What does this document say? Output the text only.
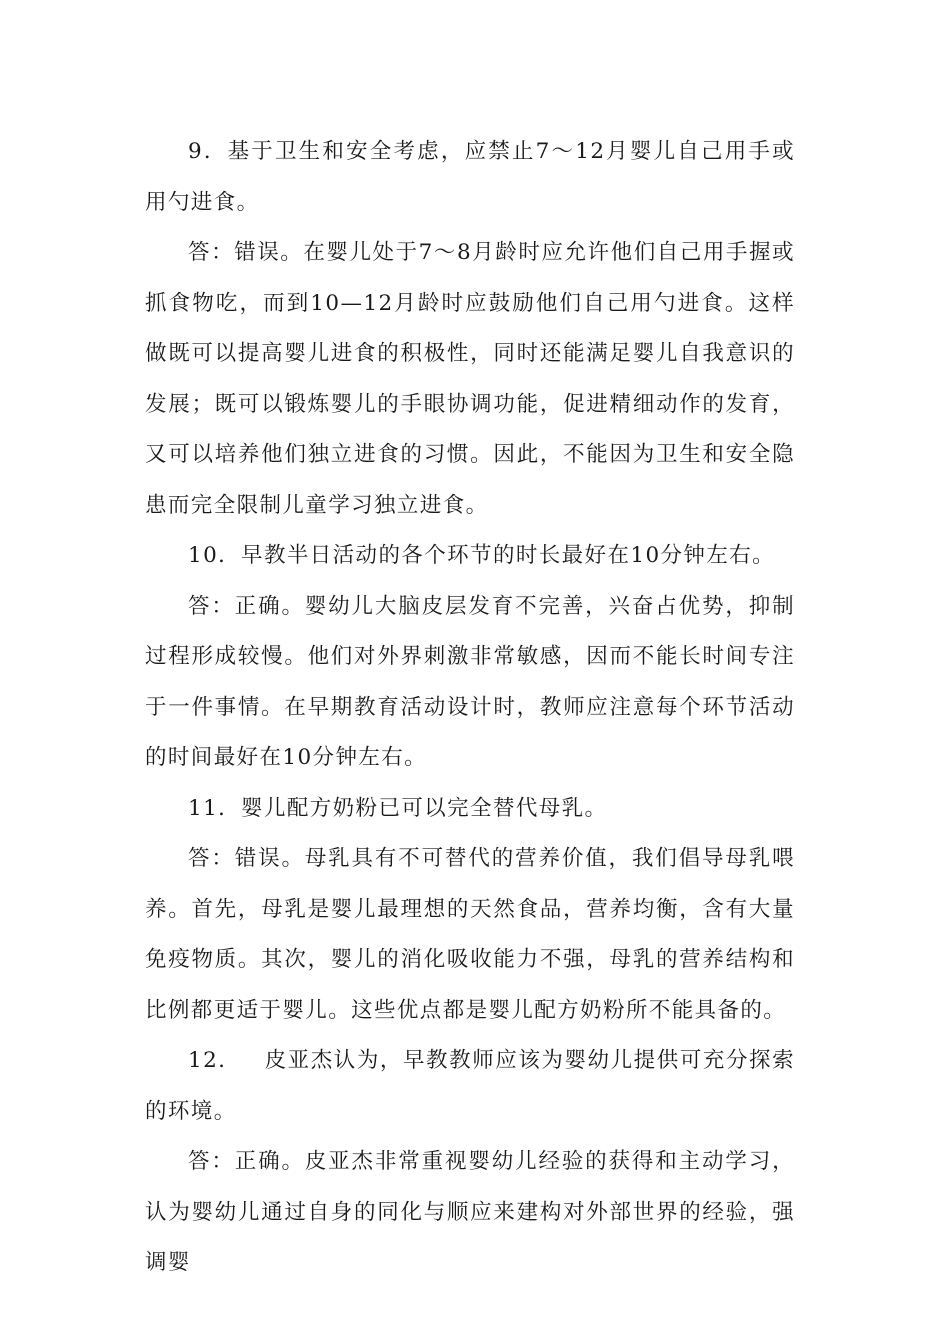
9．基于卫生和安全考虑，应禁止7～12月婴儿自己用手或用勺进食。

答：错误。在婴儿处于7～8月龄时应允许他们自己用手握或抓食物吃，而到10—12月龄时应鼓励他们自己用勺进食。这样做既可以提高婴儿进食的积极性，同时还能满足婴儿自我意识的发展；既可以锻炼婴儿的手眼协调功能，促进精细动作的发育，又可以培养他们独立进食的习惯。因此，不能因为卫生和安全隐患而完全限制儿童学习独立进食。

10．早教半日活动的各个环节的时长最好在10分钟左右。

答：正确。婴幼儿大脑皮层发育不完善，兴奋占优势，抑制过程形成较慢。他们对外界刺激非常敏感，因而不能长时间专注于一件事情。在早期教育活动设计时，教师应注意每个环节活动的时间最好在10分钟左右。

11．婴儿配方奶粉已可以完全替代母乳。

答：错误。母乳具有不可替代的营养价值，我们倡导母乳喂养。首先，母乳是婴儿最理想的天然食品，营养均衡，含有大量免疫物质。其次，婴儿的消化吸收能力不强，母乳的营养结构和比例都更适于婴儿。这些优点都是婴儿配方奶粉所不能具备的。

12. 皮亚杰认为，早教教师应该为婴幼儿提供可充分探索的环境。

答：正确。皮亚杰非常重视婴幼儿经验的获得和主动学习，认为婴幼儿通过自身的同化与顺应来建构对外部世界的经验，强调婴
